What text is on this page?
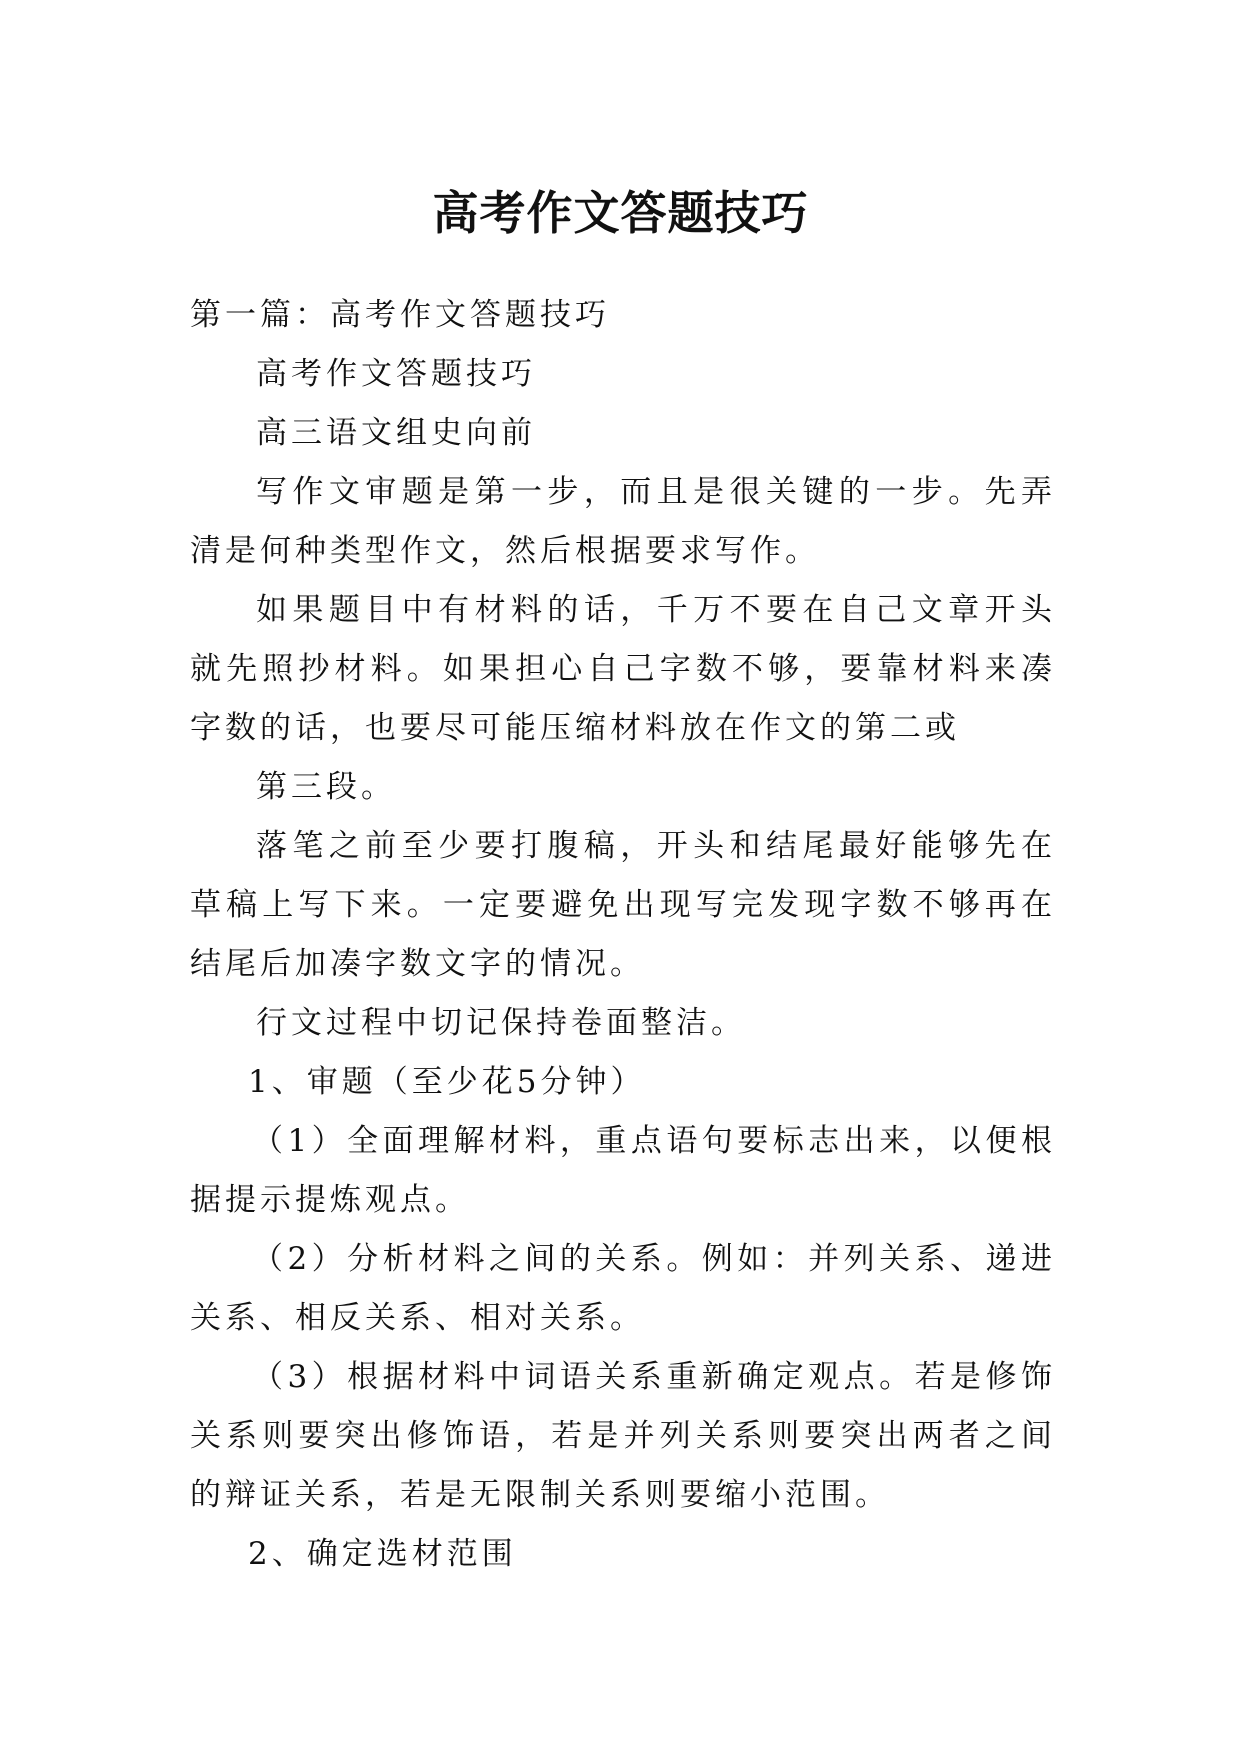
高考作文答题技巧

第一篇：高考作文答题技巧

高考作文答题技巧

高三语文组史向前

写作文审题是第一步，而且是很关键的一步。先弄清是何种类型作文，然后根据要求写作。

如果题目中有材料的话，千万不要在自己文章开头就先照抄材料。如果担心自己字数不够，要靠材料来凑字数的话，也要尽可能压缩材料放在作文的第二或

第三段。

落笔之前至少要打腹稿，开头和结尾最好能够先在草稿上写下来。一定要避免出现写完发现字数不够再在结尾后加凑字数文字的情况。

行文过程中切记保持卷面整洁。

1、审题（至少花5分钟）

（1）全面理解材料，重点语句要标志出来，以便根据提示提炼观点。

（2）分析材料之间的关系。例如：并列关系、递进关系、相反关系、相对关系。

（3）根据材料中词语关系重新确定观点。若是修饰关系则要突出修饰语，若是并列关系则要突出两者之间的辩证关系，若是无限制关系则要缩小范围。

2、确定选材范围
